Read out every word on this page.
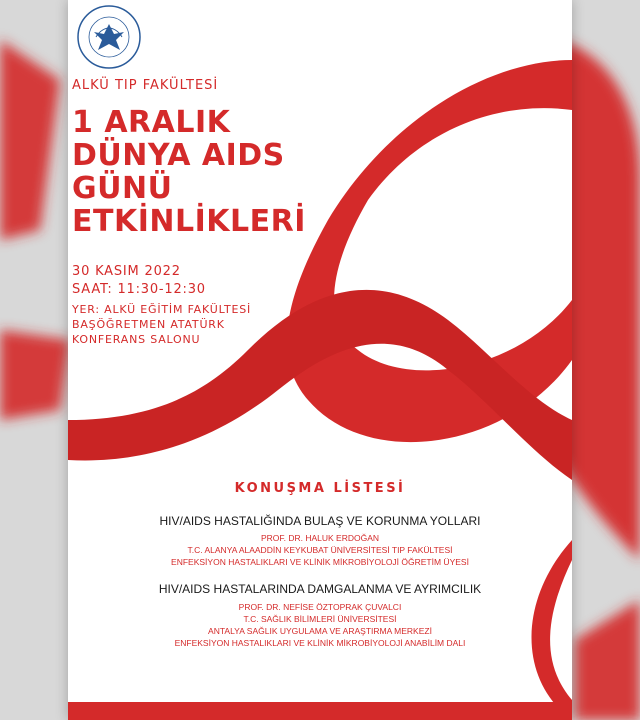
ALKÜ TIP FAKÜLTESİ

1 ARALIK
DÜNYA AIDS
GÜNÜ
ETKİNLİKLERİ

30 KASIM 2022

SAAT: 11:30-12:30

YER: ALKÜ EĞİTİM FAKÜLTESİ
BAŞÖĞRETMEN ATATÜRK
KONFERANS SALONU

KONUŞMA LİSTESİ

HIV/AIDS HASTALIĞINDA BULAŞ VE KORUNMA YOLLARI

PROF. DR. HALUK ERDOĞAN

T.C. ALANYA ALAADDİN KEYKUBAT ÜNİVERSİTESİ TIP FAKÜLTESİ

ENFEKSİYON HASTALIKLARI VE KLİNİK MİKROBİYOLOJİ ÖĞRETİM ÜYESİ

HIV/AIDS HASTALARINDA DAMGALANMA VE AYRIMCILIK

PROF. DR. NEFİSE ÖZTOPRAK ÇUVALCI

T.C. SAĞLIK BİLİMLERİ ÜNİVERSİTESİ

ANTALYA SAĞLIK UYGULAMA VE ARAŞTIRMA MERKEZİ

ENFEKSİYON HASTALIKLARI VE KLİNİK MİKROBİYOLOJİ ANABİLİM DALI
